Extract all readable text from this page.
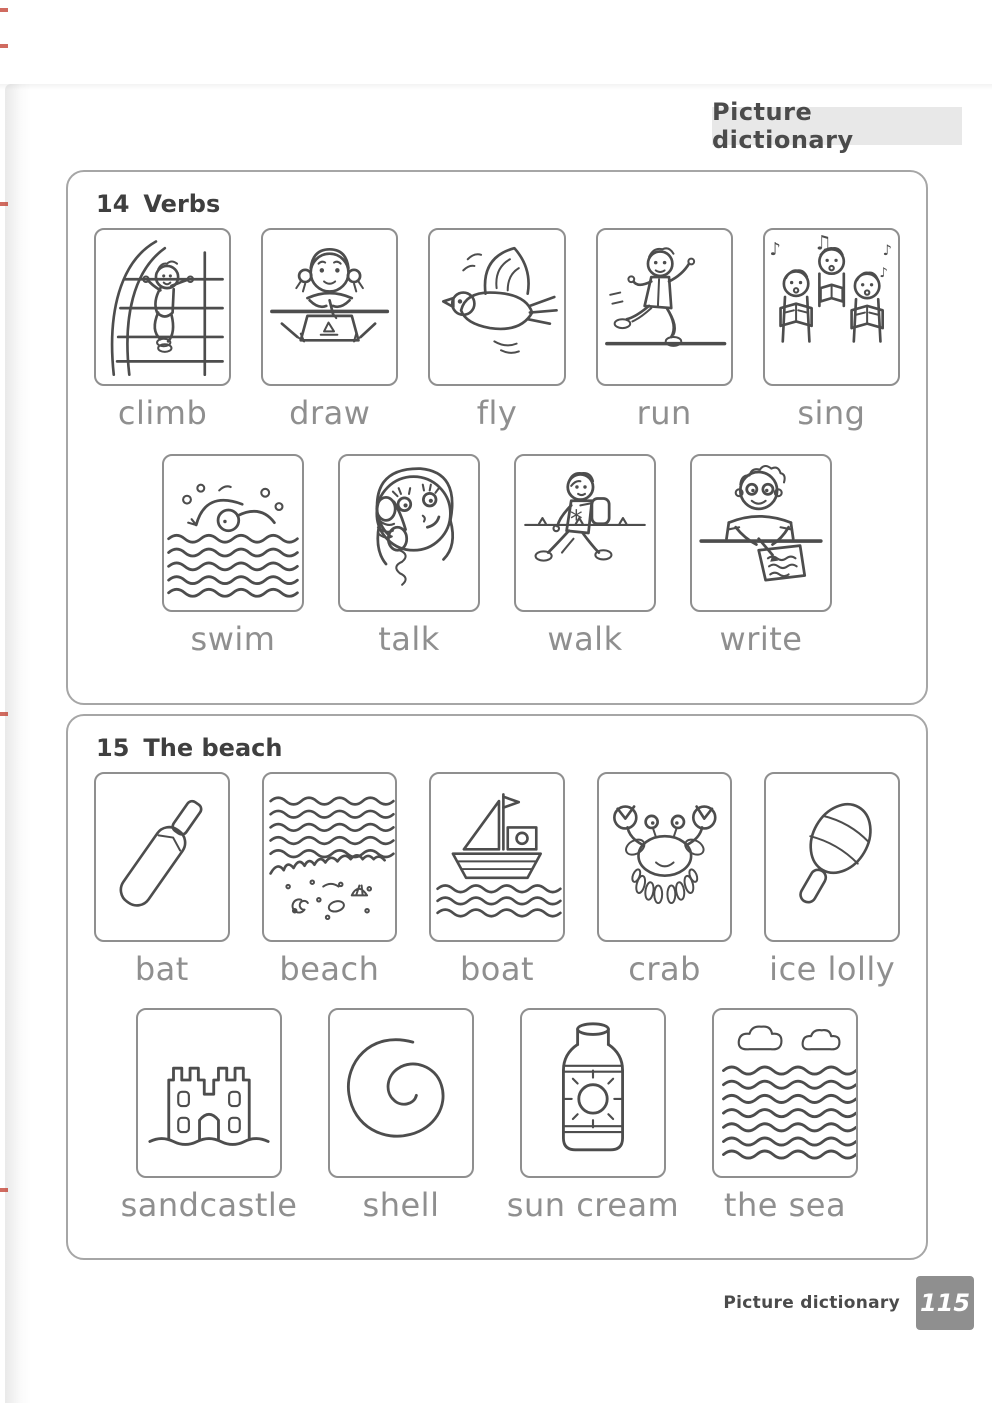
Picture dictionary
14 Verbs
climb	draw	fly	run
♪ ♫	♪
♪
sing
swim	talk
*
walk	write
15 The beach
bat	beach	boat	crab ice lolly
sandcastle shell sun cream the sea
Picture dictionary 115
